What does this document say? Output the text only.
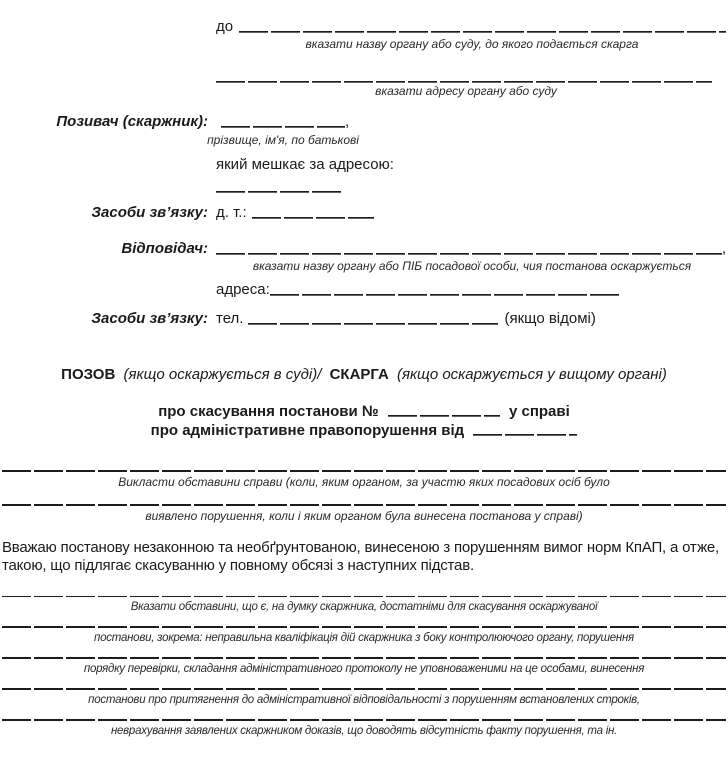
до
вказати назву органу або суду, до якого подається скарга
вказати адресу органу або суду
Позивач (скаржник):	,
прізвище, ім'я, по батькові
який мешкає за адресою:
Засоби зв’язку: д. т.:
Відповідач:	,
вказати назву органу або ПІБ посадової особи, чия постанова оскаржується
адреса:
Засоби зв’язку: тел.	(якщо відомі)
ПОЗОВ (якщо оскаржується в суді)/ СКАРГА (якщо оскаржується у вищому органі)
про скасування постанови №	у справі
про адміністративне правопорушення від
Викласти обставини справи (коли, яким органом, за участю яких посадових осіб було
виявлено порушення, коли і яким органом була винесена постанова у справі)
Вважаю постанову незаконною та необґрунтованою, винесеною з порушенням вимог норм КпАП, а отже, такою, що підлягає скасуванню у повному обсязі з наступних підстав.
Вказати обставини, що є, на думку скаржника, достатніми для скасування оскаржуваної
постанови, зокрема: неправильна кваліфікація дій скаржника з боку контролюючого органу, порушення
порядку перевірки, складання адміністративного протоколу не уповноваженими на це особами, винесення
постанови про притягнення до адміністративної відповідальності з порушенням встановлених строків,
неврахування заявлених скаржником доказів, що доводять відсутність факту порушення, та ін.
